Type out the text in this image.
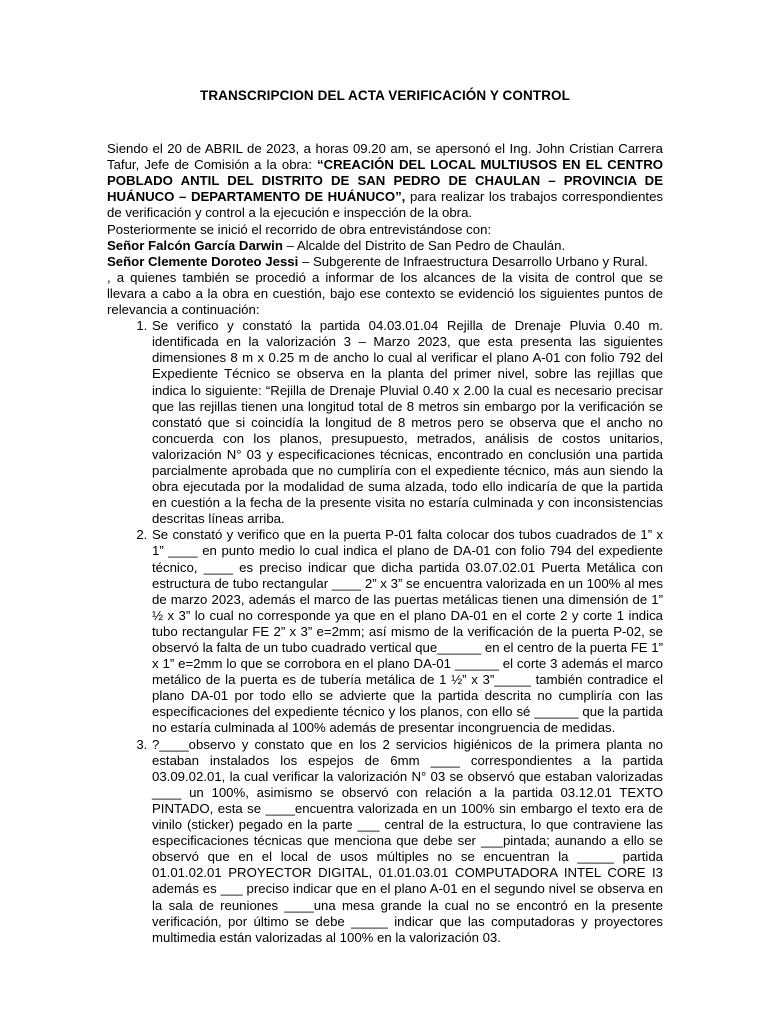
TRANSCRIPCION DEL ACTA VERIFICACIÓN Y CONTROL

Siendo el 20 de ABRIL de 2023, a horas 09.20 am, se apersonó el Ing. John Cristian Carrera Tafur, Jefe de Comisión a la obra: “CREACIÓN DEL LOCAL MULTIUSOS EN EL CENTRO POBLADO ANTIL DEL DISTRITO DE SAN PEDRO DE CHAULAN – PROVINCIA DE HUÁNUCO – DEPARTAMENTO DE HUÁNUCO”, para realizar los trabajos correspondientes de verificación y control a la ejecución e inspección de la obra.

Posteriormente se inició el recorrido de obra entrevistándose con:

Señor Falcón García Darwin – Alcalde del Distrito de San Pedro de Chaulán.

Señor Clemente Doroteo Jessi – Subgerente de Infraestructura Desarrollo Urbano y Rural.

, a quienes también se procedió a informar de los alcances de la visita de control que se llevara a cabo a la obra en cuestión, bajo ese contexto se evidenció los siguientes puntos de relevancia a continuación:

1. Se verifico y constató la partida 04.03.01.04 Rejilla de Drenaje Pluvia 0.40 m. identificada en la valorización 3 – Marzo 2023, que esta presenta las siguientes dimensiones 8 m x 0.25 m de ancho lo cual al verificar el plano A-01 con folio 792 del Expediente Técnico se observa en la planta del primer nivel, sobre las rejillas que indica lo siguiente: “Rejilla de Drenaje Pluvial 0.40 x 2.00 la cual es necesario precisar que las rejillas tienen una longitud total de 8 metros sin embargo por la verificación se constató que si coincidía la longitud de 8 metros pero se observa que el ancho no concuerda con los planos, presupuesto, metrados, análisis de costos unitarios, valorización N° 03 y especificaciones técnicas, encontrado en conclusión una partida parcialmente aprobada que no cumpliría con el expediente técnico, más aun siendo la obra ejecutada por la modalidad de suma alzada, todo ello indicaría de que la partida en cuestión a la fecha de la presente visita no estaría culminada y con inconsistencias descritas líneas arriba.
2. Se constató y verifico que en la puerta P-01 falta colocar dos tubos cuadrados de 1” x 1” ____ en punto medio lo cual indica el plano de DA-01 con folio 794 del expediente técnico, ____ es preciso indicar que dicha partida 03.07.02.01 Puerta Metálica con estructura de tubo rectangular ____ 2” x 3” se encuentra valorizada en un 100% al mes de marzo 2023, además el marco de las puertas metálicas tienen una dimensión de 1” ½ x 3” lo cual no corresponde ya que en el plano DA-01 en el corte 2 y corte 1 indica tubo rectangular FE 2” x 3” e=2mm; así mismo de la verificación de la puerta P-02, se observó la falta de un tubo cuadrado vertical que______ en el centro de la puerta FE 1” x 1” e=2mm lo que se corrobora en el plano DA-01 ______ el corte 3 además el marco metálico de la puerta es de tubería metálica de 1 ½” x 3”_____ también contradice el plano DA-01 por todo ello se advierte que la partida descrita no cumpliría con las especificaciones del expediente técnico y los planos, con ello sé ______ que la partida no estaría culminada al 100% además de presentar incongruencia de medidas.
3. ?____observo y constato que en los 2 servicios higiénicos de la primera planta no estaban instalados los espejos de 6mm ____ correspondientes a la partida 03.09.02.01, la cual verificar la valorización N° 03 se observó que estaban valorizadas ____ un 100%, asimismo se observó con relación a la partida 03.12.01 TEXTO PINTADO, esta se ____encuentra valorizada en un 100% sin embargo el texto era de vinilo (sticker) pegado en la parte ___ central de la estructura, lo que contraviene las especificaciones técnicas que menciona que debe ser ___pintada; aunando a ello se observó que en el local de usos múltiples no se encuentran la _____ partida 01.01.02.01 PROYECTOR DIGITAL, 01.01.03.01 COMPUTADORA INTEL CORE I3 además es ___ preciso indicar que en el plano A-01 en el segundo nivel se observa en la sala de reuniones ____una mesa grande la cual no se encontró en la presente verificación, por último se debe _____ indicar que las computadoras y proyectores multimedia están valorizadas al 100% en la valorización 03.
